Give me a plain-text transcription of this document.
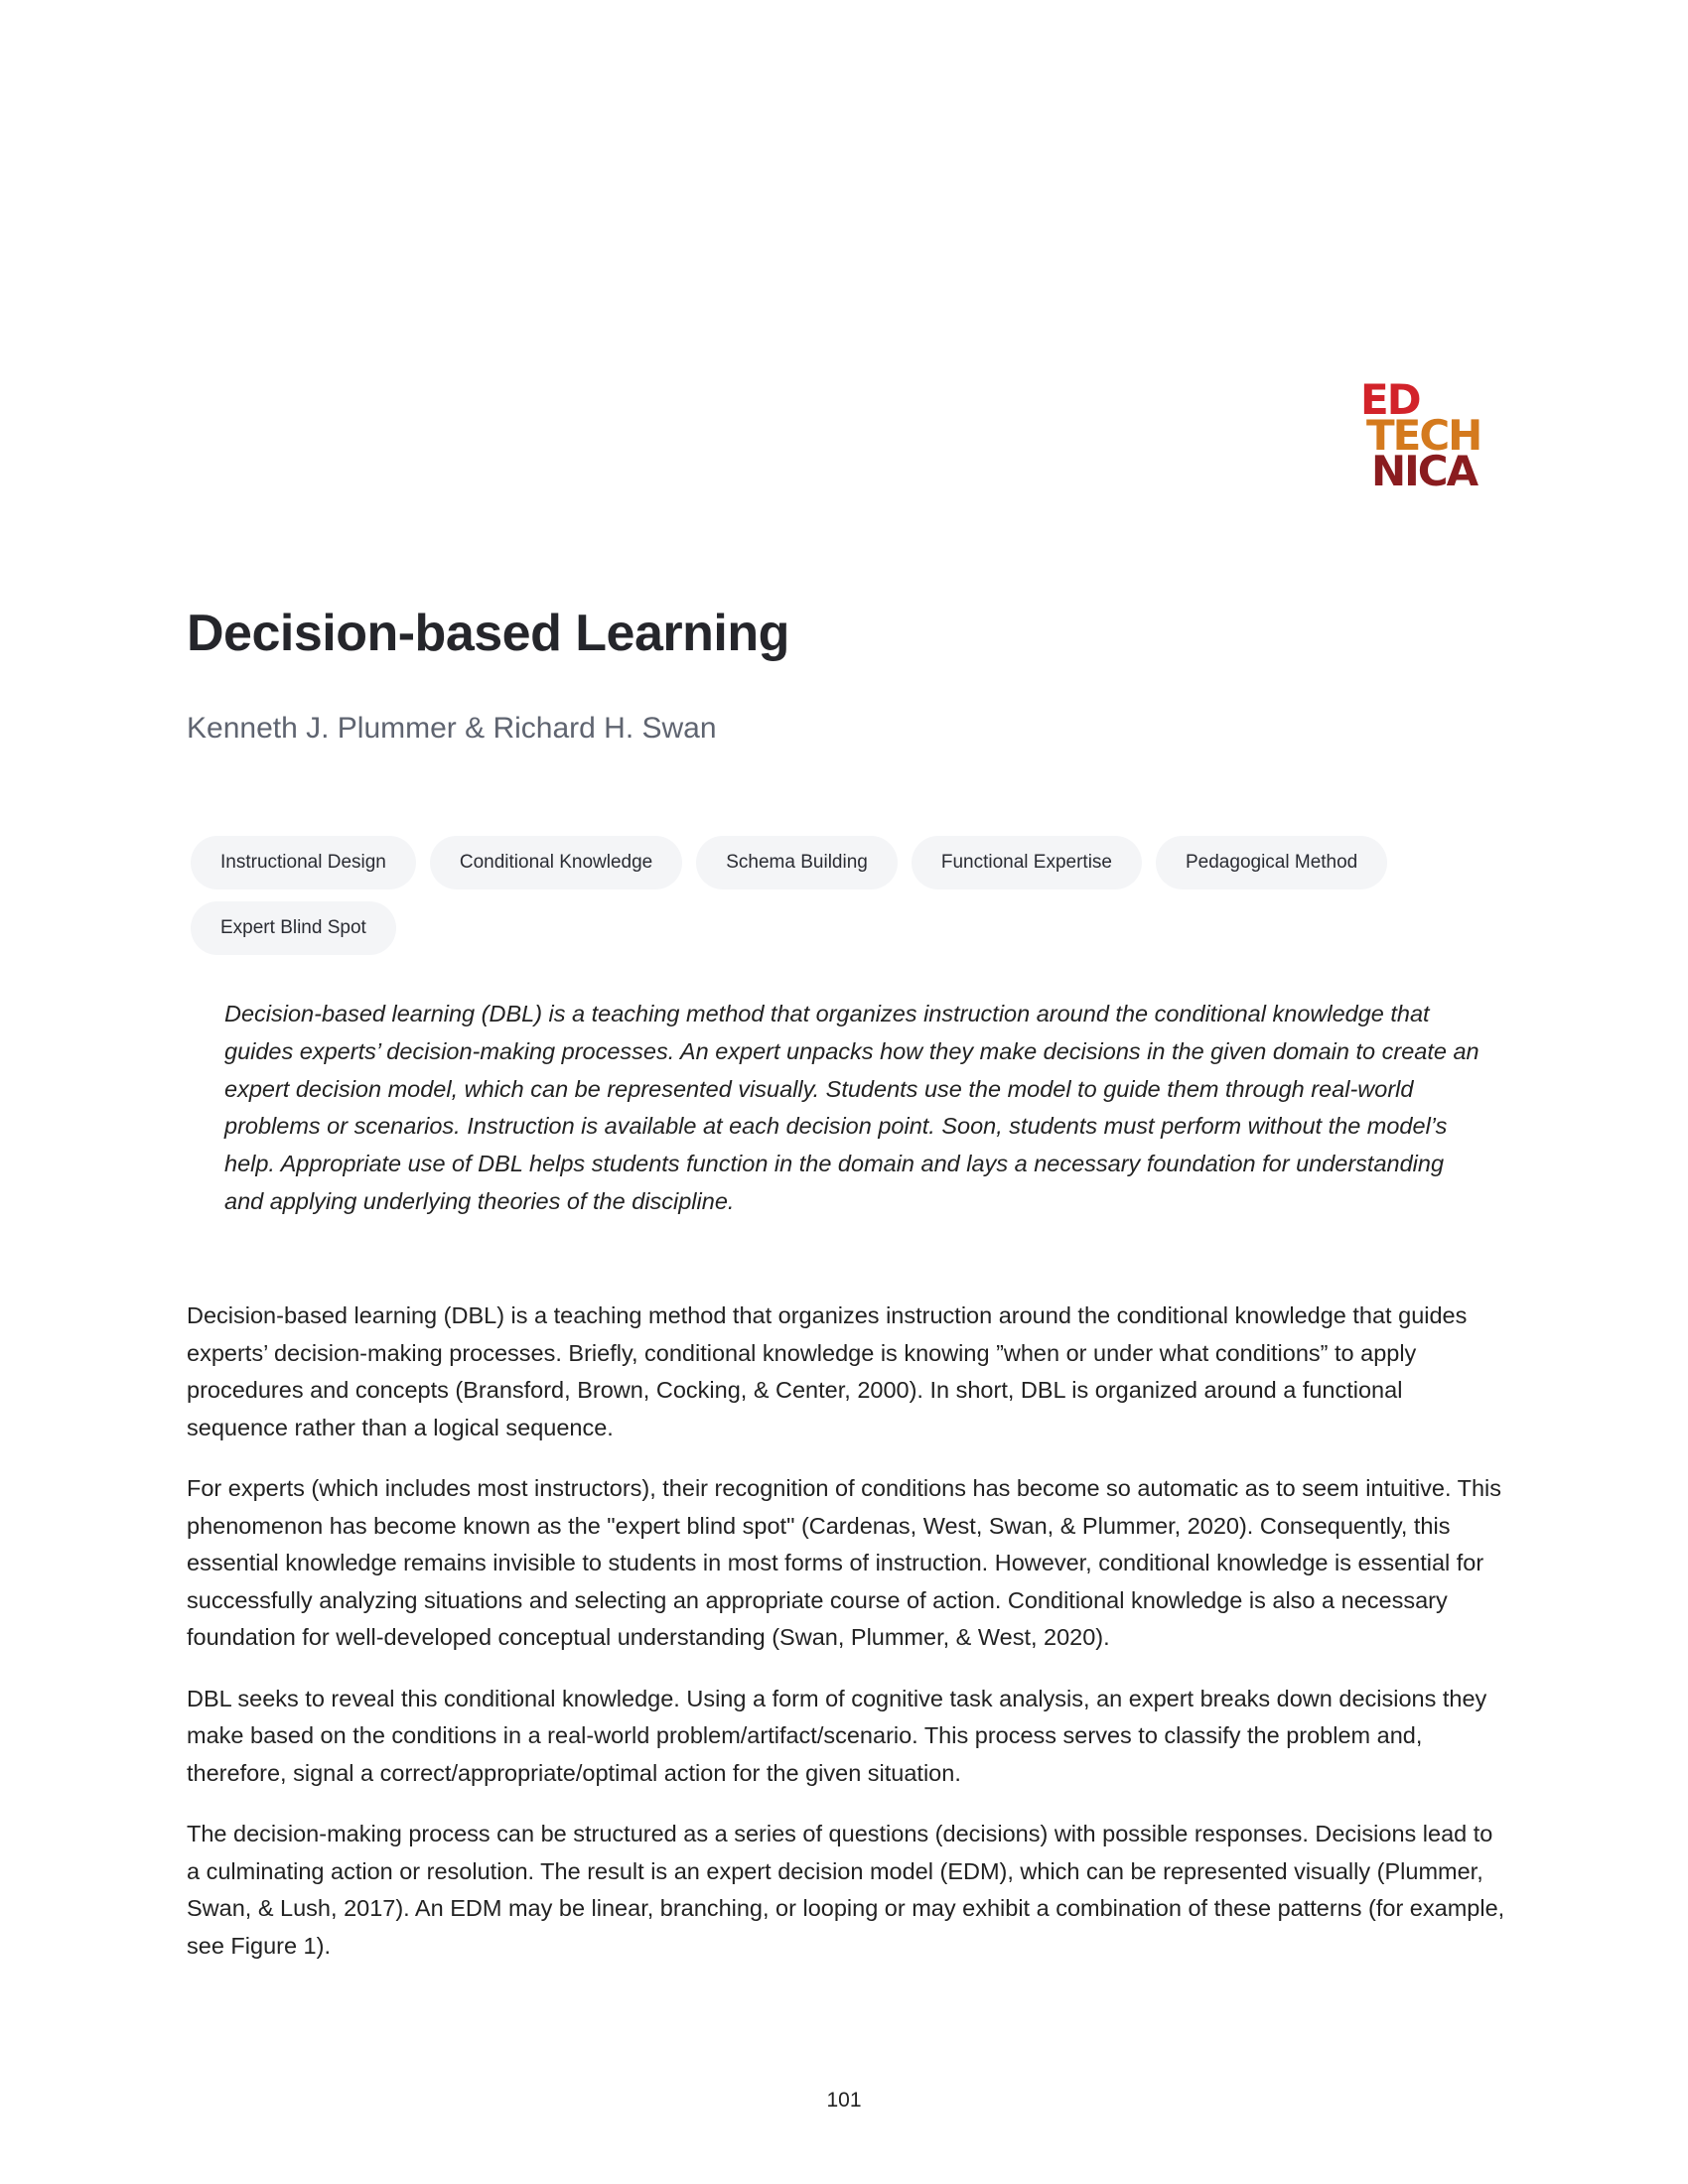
ED
TECH
NICA
Decision-based Learning

Kenneth J. Plummer & Richard H. Swan

Instructional Design	Conditional Knowledge	Schema Building	Functional Expertise	Pedagogical Method
Expert Blind Spot

Decision-based learning (DBL) is a teaching method that organizes instruction around the conditional knowledge that guides experts’ decision-making processes. An expert unpacks how they make decisions in the given domain to create an expert decision model, which can be represented visually. Students use the model to guide them through real-world problems or scenarios. Instruction is available at each decision point. Soon, students must perform without the model’s help. Appropriate use of DBL helps students function in the domain and lays a necessary foundation for understanding and applying underlying theories of the discipline.

Decision-based learning (DBL) is a teaching method that organizes instruction around the conditional knowledge that guides experts’ decision-making processes. Briefly, conditional knowledge is knowing ”when or under what conditions” to apply procedures and concepts (Bransford, Brown, Cocking, & Center, 2000). In short, DBL is organized around a functional sequence rather than a logical sequence.

For experts (which includes most instructors), their recognition of conditions has become so automatic as to seem intuitive. This phenomenon has become known as the "expert blind spot" (Cardenas, West, Swan, & Plummer, 2020). Consequently, this essential knowledge remains invisible to students in most forms of instruction. However, conditional knowledge is essential for successfully analyzing situations and selecting an appropriate course of action. Conditional knowledge is also a necessary foundation for well-developed conceptual understanding (Swan, Plummer, & West, 2020).

DBL seeks to reveal this conditional knowledge. Using a form of cognitive task analysis, an expert breaks down decisions they make based on the conditions in a real-world problem/artifact/scenario. This process serves to classify the problem and, therefore, signal a correct/appropriate/optimal action for the given situation.

The decision-making process can be structured as a series of questions (decisions) with possible responses. Decisions lead to a culminating action or resolution. The result is an expert decision model (EDM), which can be represented visually (Plummer, Swan, & Lush, 2017). An EDM may be linear, branching, or looping or may exhibit a combination of these patterns (for example, see Figure 1).

101
